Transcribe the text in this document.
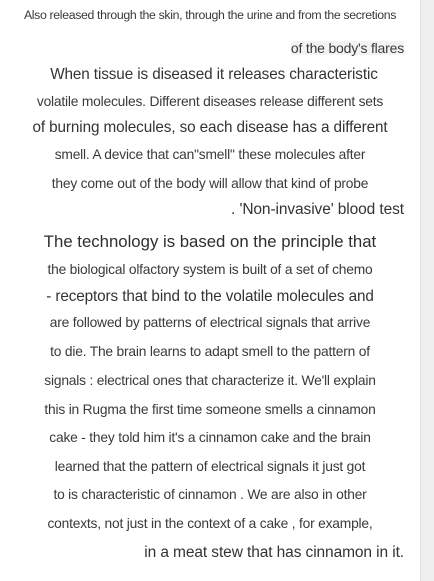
Also released through the skin, through the urine and from the secretions
of the body's flares
When tissue is diseased it releases characteristic
volatile molecules. Different diseases release different sets
of burning molecules, so each disease has a different
smell. A device that can"smell" these molecules after
they come out of the body will allow that kind of probe
. 'Non-invasive' blood test
The technology is based on the principle that
the biological olfactory system is built of a set of chemo
- receptors that bind to the volatile molecules and
are followed by patterns of electrical signals that arrive
to die. The brain learns to adapt smell to the pattern of
signals : electrical ones that characterize it. We'll explain
this in Rugma the first time someone smells a cinnamon
cake - they told him it's a cinnamon cake and the brain
learned that the pattern of electrical signals it just got
to is characteristic of cinnamon . We are also in other
contexts, not just in the context of a cake , for example,
in a meat stew that has cinnamon in it.
